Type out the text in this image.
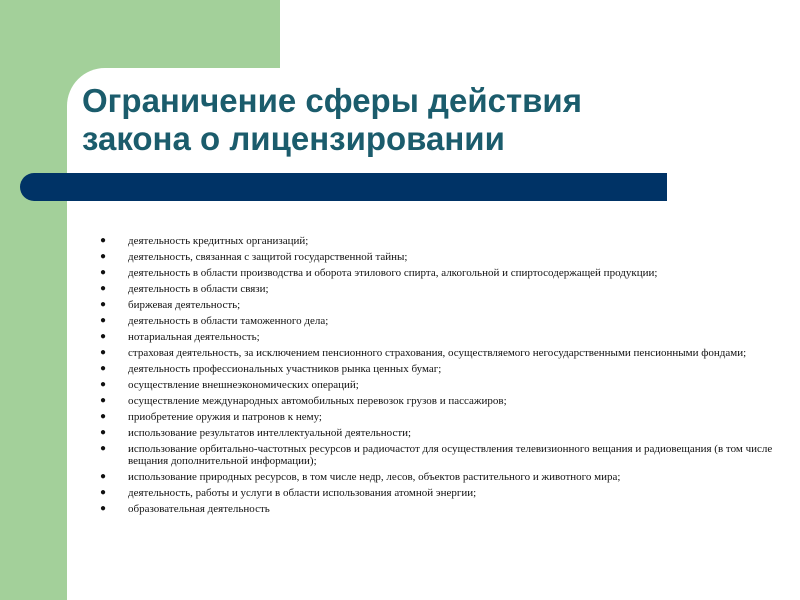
Ограничение сферы действия
закона о лицензировании
● деятельность кредитных организаций;
● деятельность, связанная с защитой государственной тайны;
● деятельность в области производства и оборота этилового спирта, алкогольной и спиртосодержащей продукции;
● деятельность в области связи;
● биржевая деятельность;
● деятельность в области таможенного дела;
● нотариальная деятельность;
● страховая деятельность, за исключением пенсионного страхования, осуществляемого негосударственными пенсионными фондами;
● деятельность профессиональных участников рынка ценных бумаг;
● осуществление внешнеэкономических операций;
● осуществление международных автомобильных перевозок грузов и пассажиров;
● приобретение оружия и патронов к нему;
● использование результатов интеллектуальной деятельности;
● использование орбитально-частотных ресурсов и радиочастот для осуществления телевизионного вещания и радиовещания (в том числе вещания дополнительной информации);
● использование природных ресурсов, в том числе недр, лесов, объектов растительного и животного мира;
● деятельность, работы и услуги в области использования атомной энергии;
● образовательная деятельность
